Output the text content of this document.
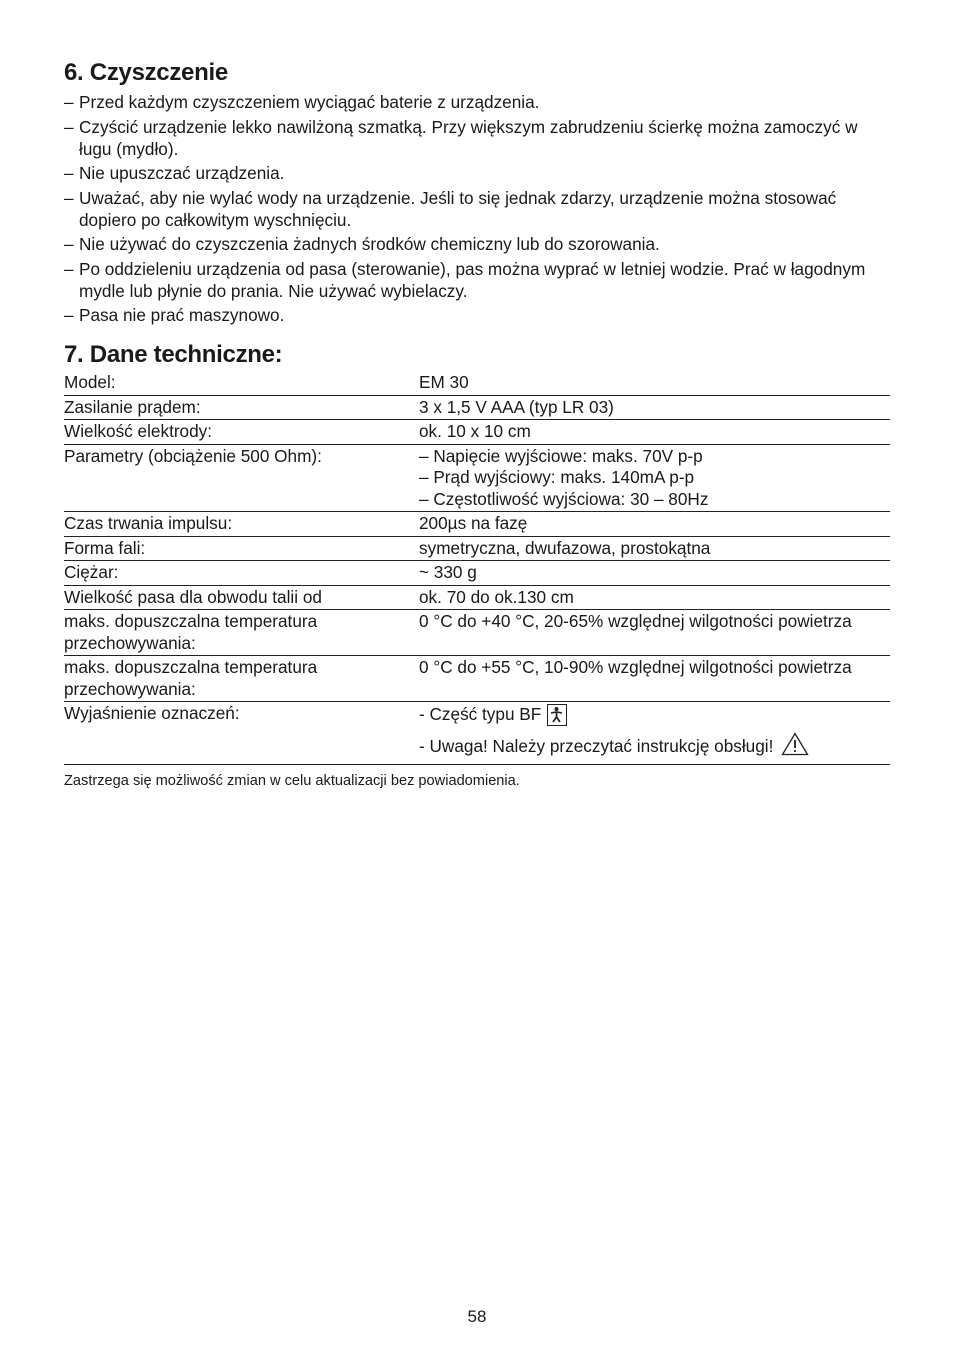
6. Czyszczenie
– Przed każdym czyszczeniem wyciągać baterie z urządzenia.
– Czyścić urządzenie lekko nawilżoną szmatką. Przy większym zabrudzeniu ścierkę można zamoczyć w ługu (mydło).
– Nie upuszczać urządzenia.
– Uważać, aby nie wylać wody na urządzenie. Jeśli to się jednak zdarzy, urządzenie można stosować dopiero po całkowitym wyschnięciu.
– Nie używać do czyszczenia żadnych środków chemiczny lub do szorowania.
– Po oddzieleniu urządzenia od pasa (sterowanie), pas można wyprać w letniej wodzie. Prać w łagodnym mydle lub płynie do prania. Nie używać wybielaczy.
– Pasa nie prać maszynowo.
7. Dane techniczne:
Model:	EM 30

Zasilanie prądem:	3 x 1,5 V AAA (typ LR 03)

Wielkość elektrody:	ok. 10 x 10 cm

Parametry (obciążenie 500 Ohm):	– Napięcie wyjściowe: maks. 70V p-p
– Prąd wyjściowy: maks. 140mA p-p
– Częstotliwość wyjściowa: 30 – 80Hz

Czas trwania impulsu:	200µs na fazę

Forma fali:	symetryczna, dwufazowa, prostokątna

Ciężar:	~ 330 g

Wielkość pasa dla obwodu talii od	ok. 70 do ok.130 cm

maks. dopuszczalna temperatura przechowywania:	0 °C do +40 °C, 20-65% względnej wilgotności powietrza

maks. dopuszczalna temperatura przechowywania:	0 °C do +55 °C, 10-90% względnej wilgotności powietrza

Wyjaśnienie oznaczeń:	- Część typu BF
- Uwaga! Należy przeczytać instrukcję obsługi!
Zastrzega się możliwość zmian w celu aktualizacji bez powiadomienia.
58
